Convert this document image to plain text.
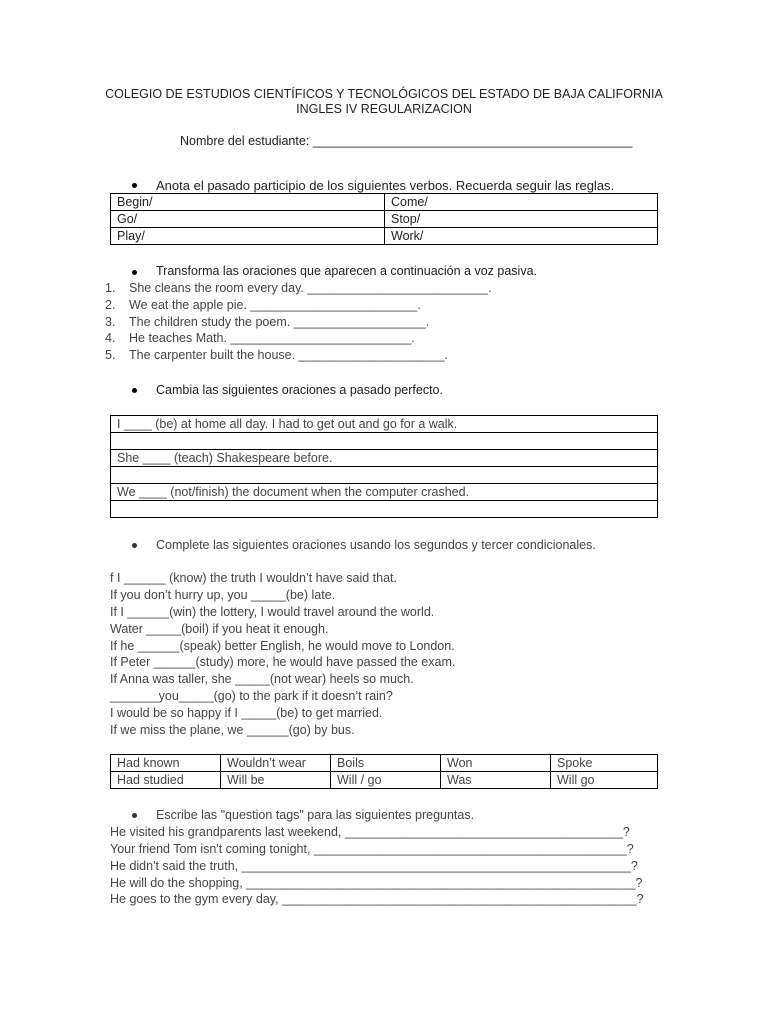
COLEGIO DE ESTUDIOS CIENTÍFICOS Y TECNOLÓGICOS DEL ESTADO DE BAJA CALIFORNIA
INGLES IV REGULARIZACION
Nombre del estudiante: ______________________________________________
Anota el pasado participio de los siguientes verbos. Recuerda seguir las reglas.
Begin/	Come/
Go/	Stop/
Play/	Work/
Transforma las oraciones que aparecen a continuación a voz pasiva.
1. She cleans the room every day. __________________________.
2. We eat the apple pie. ________________________.
3. The children study the poem. ___________________.
4. He teaches Math. __________________________.
5. The carpenter built the house. _____________________.
Cambia las siguientes oraciones a pasado perfecto.
I ____ (be) at home all day. I had to get out and go for a walk.

She ____ (teach) Shakespeare before.

We ____ (not/finish) the document when the computer crashed.

Complete las siguientes oraciones usando los segundos y tercer condicionales.
f I ______ (know) the truth I wouldn’t have said that.
If you don’t hurry up, you _____(be) late.
If I ______(win) the lottery, I would travel around the world.
Water _____(boil) if you heat it enough.
If he ______(speak) better English, he would move to London.
If Peter ______(study) more, he would have passed the exam.
If Anna was taller, she _____(not wear) heels so much.
_______you_____(go) to the park if it doesn’t rain?
I would be so happy if I _____(be) to get married.
If we miss the plane, we ______(go) by bus.
Had known	Wouldn’t wear	Boils	Won	Spoke
Had studied	Will be	Will / go	Was	Will go
Escribe las "question tags" para las siguientes preguntas.
He visited his grandparents last weekend, ________________________________________?
Your friend Tom isn't coming tonight, _____________________________________________?
He didn't said the truth, ________________________________________________________?
He will do the shopping, ________________________________________________________?
He goes to the gym every day, ___________________________________________________?
